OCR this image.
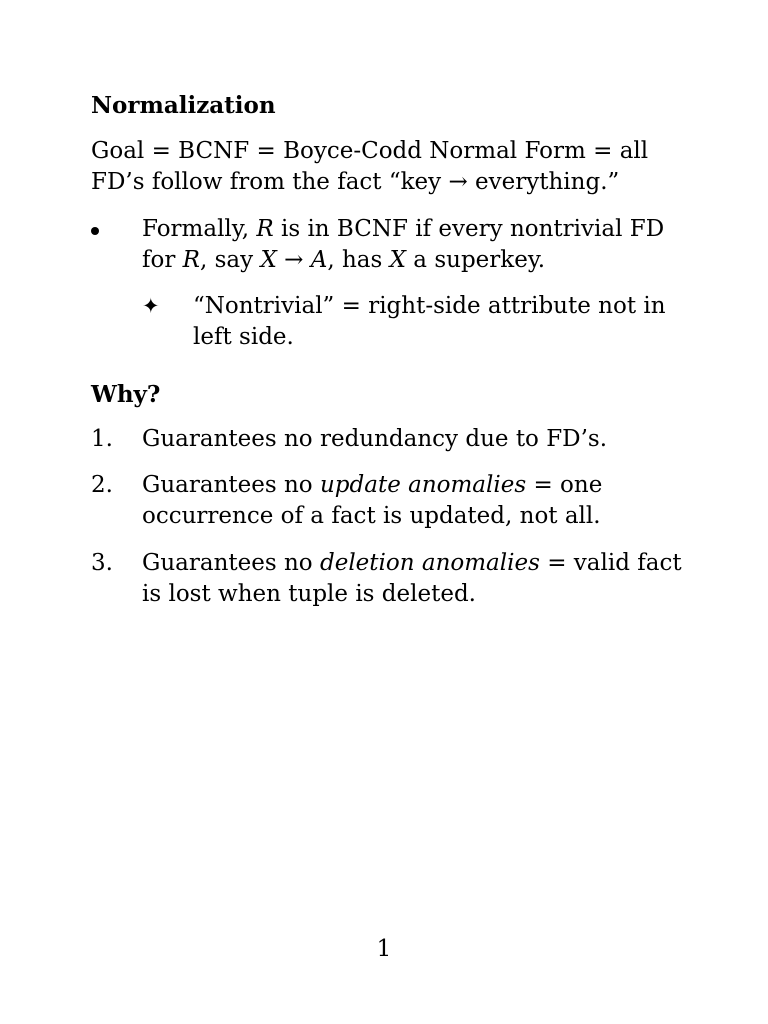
Normalization
Goal = BCNF = Boyce-Codd Normal Form = all
FD’s follow from the fact “key → everything.”
Formally, R is in BCNF if every nontrivial FD
for R, say X → A, has X a superkey.
✦ “Nontrivial” = right-side attribute not in
left side.
Why?
1. Guarantees no redundancy due to FD’s.
2. Guarantees no update anomalies = one
occurrence of a fact is updated, not all.
3. Guarantees no deletion anomalies = valid fact
is lost when tuple is deleted.
1
